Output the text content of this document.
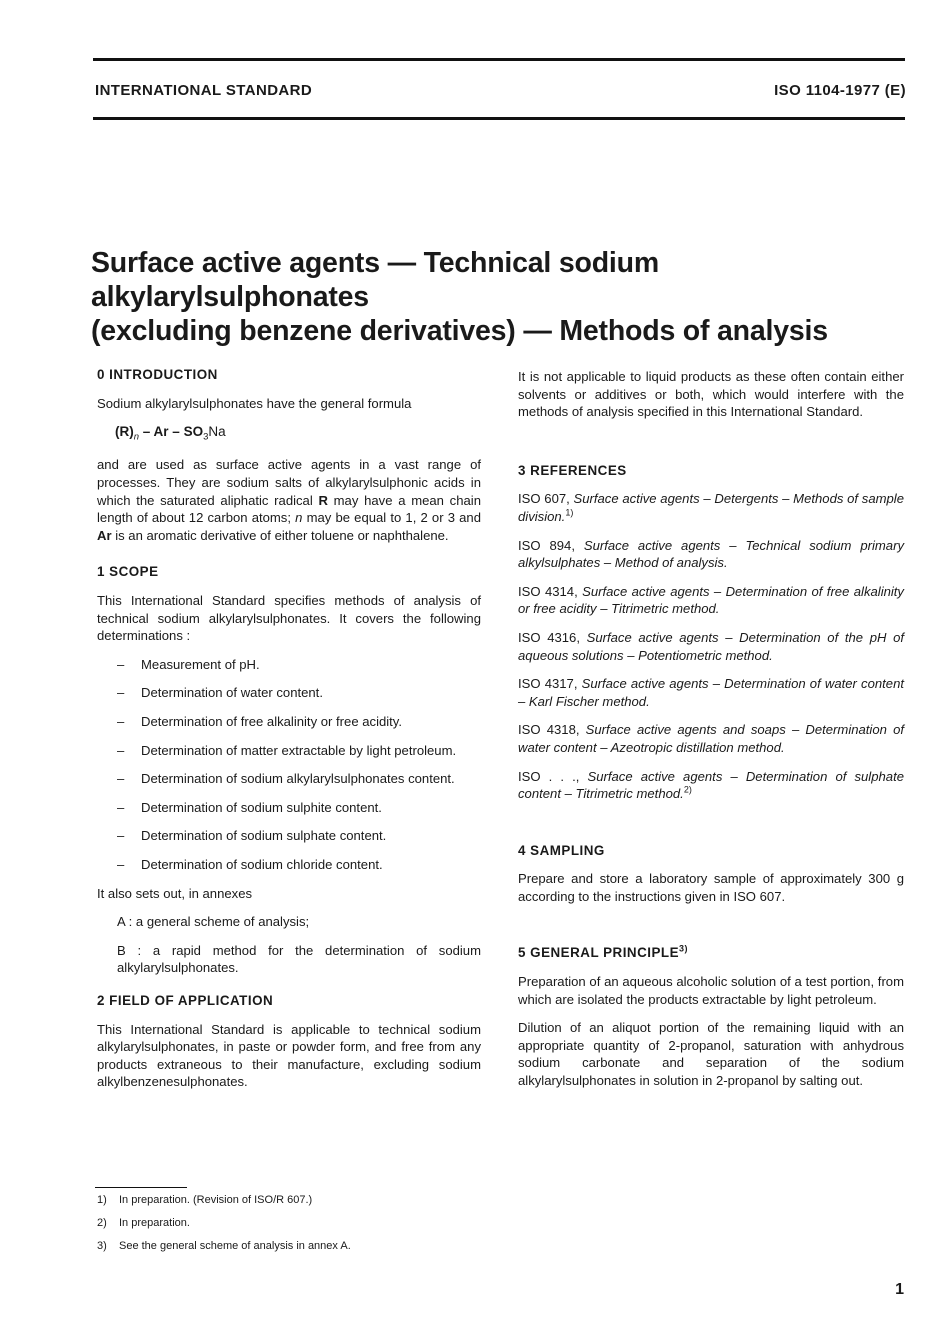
INTERNATIONAL STANDARD	ISO 1104-1977 (E)
Surface active agents — Technical sodium alkylarylsulphonates
(excluding benzene derivatives) — Methods of analysis
0 INTRODUCTION
Sodium alkylarylsulphonates have the general formula
$(R)_n$ – Ar – $SO_3Na$
and are used as surface active agents in a vast range of processes. They are sodium salts of alkylarylsulphonic acids in which the saturated aliphatic radical R may have a mean chain length of about 12 carbon atoms; n may be equal to 1, 2 or 3 and Ar is an aromatic derivative of either toluene or naphthalene.
1 SCOPE
This International Standard specifies methods of analysis of technical sodium alkylarylsulphonates. It covers the following determinations :
– Measurement of pH.
– Determination of water content.
– Determination of free alkalinity or free acidity.
– Determination of matter extractable by light petroleum.
– Determination of sodium alkylarylsulphonates content.
– Determination of sodium sulphite content.
– Determination of sodium sulphate content.
– Determination of sodium chloride content.
It also sets out, in annexes
A : a general scheme of analysis;
B : a rapid method for the determination of sodium alkylarylsulphonates.
2 FIELD OF APPLICATION
This International Standard is applicable to technical sodium alkylarylsulphonates, in paste or powder form, and free from any products extraneous to their manufacture, excluding sodium alkylbenzenesulphonates.
It is not applicable to liquid products as these often contain either solvents or additives or both, which would interfere with the methods of analysis specified in this International Standard.
3 REFERENCES
ISO 607, Surface active agents – Detergents – Methods of sample division.$^{1)}$
ISO 894, Surface active agents – Technical sodium primary alkylsulphates – Method of analysis.
ISO 4314, Surface active agents – Determination of free alkalinity or free acidity – Titrimetric method.
ISO 4316, Surface active agents – Determination of the pH of aqueous solutions – Potentiometric method.
ISO 4317, Surface active agents – Determination of water content – Karl Fischer method.
ISO 4318, Surface active agents and soaps – Determination of water content – Azeotropic distillation method.
ISO . . ., Surface active agents – Determination of sulphate content – Titrimetric method.$^{2)}$
4 SAMPLING
Prepare and store a laboratory sample of approximately 300 g according to the instructions given in ISO 607.
5 GENERAL PRINCIPLE$^{3)}$
Preparation of an aqueous alcoholic solution of a test portion, from which are isolated the products extractable by light petroleum.
Dilution of an aliquot portion of the remaining liquid with an appropriate quantity of 2-propanol, saturation with anhydrous sodium carbonate and separation of the sodium alkylarylsulphonates in solution in 2-propanol by salting out.
1) In preparation. (Revision of ISO/R 607.)
2) In preparation.
3) See the general scheme of analysis in annex A.
1
